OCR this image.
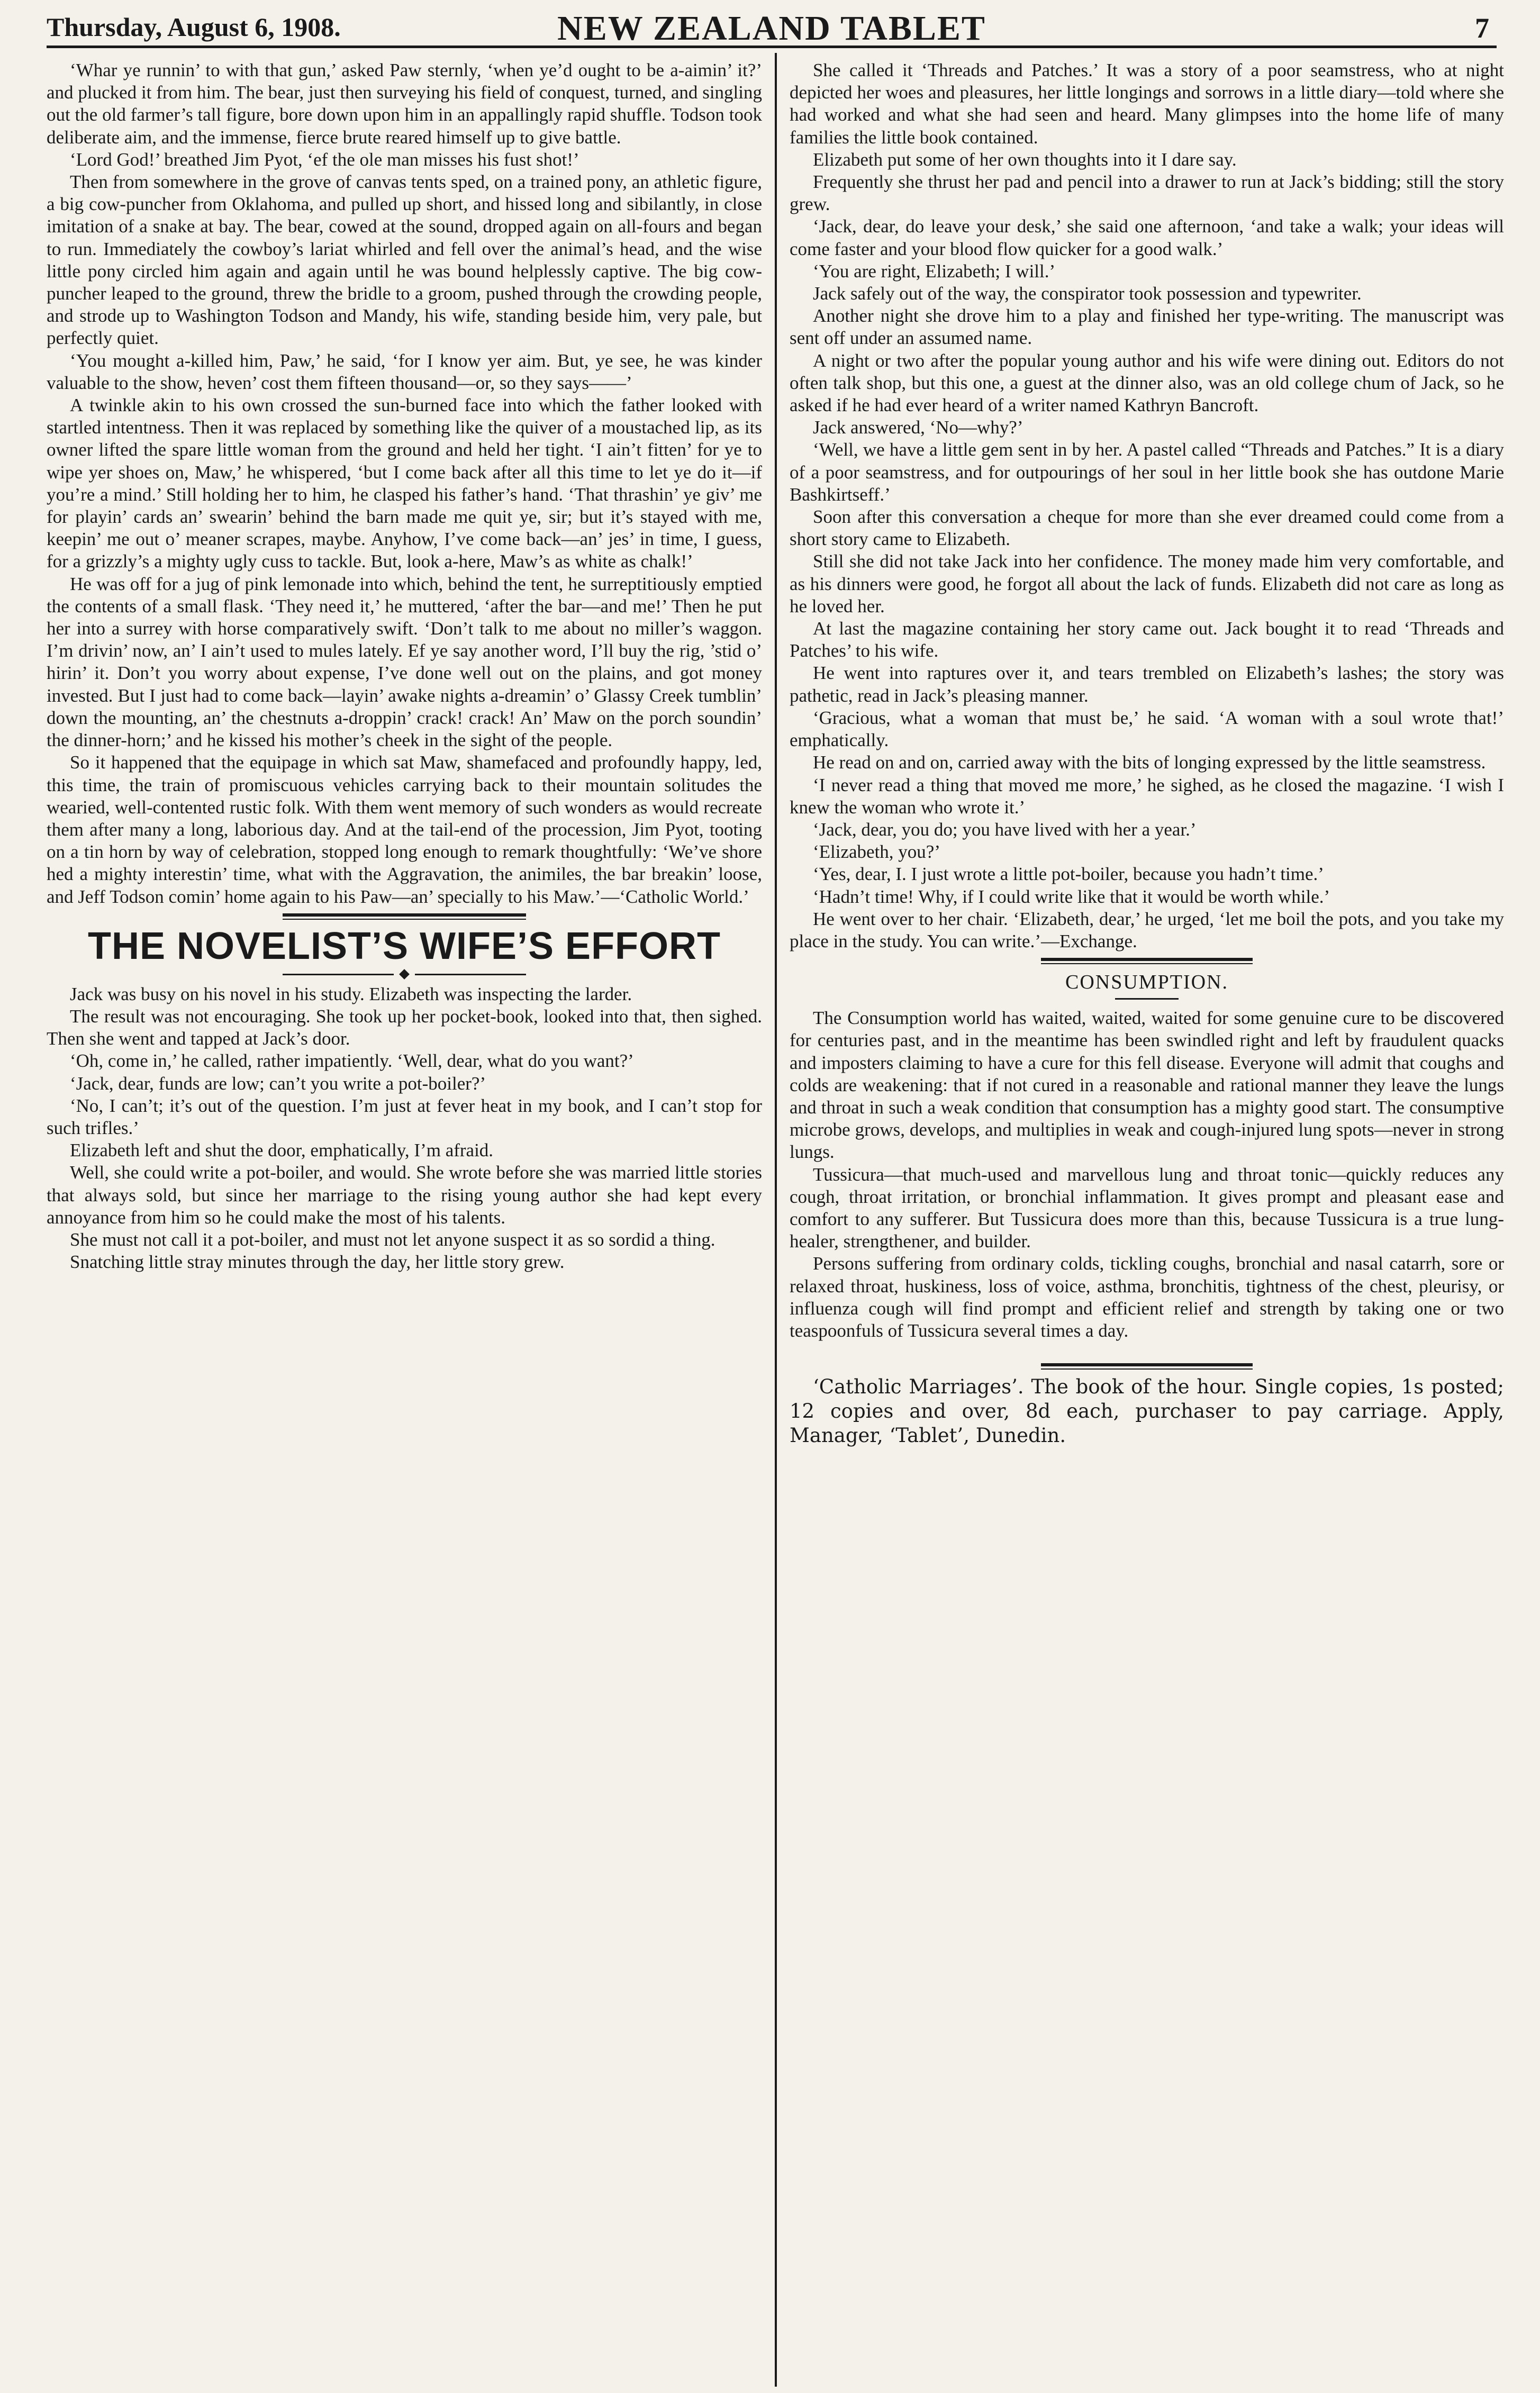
Thursday, August 6, 1908.	NEW ZEALAND TABLET	7

‘Whar ye runnin’ to with that gun,’ asked Paw sternly, ‘when ye’d ought to be a-aimin’ it?’ and plucked it from him. The bear, just then surveying his field of conquest, turned, and singling out the old farmer’s tall figure, bore down upon him in an appallingly rapid shuffle. Todson took deliberate aim, and the immense, fierce brute reared himself up to give battle.

‘Lord God!’ breathed Jim Pyot, ‘ef the ole man misses his fust shot!’

Then from somewhere in the grove of canvas tents sped, on a trained pony, an athletic figure, a big cow-puncher from Oklahoma, and pulled up short, and hissed long and sibilantly, in close imitation of a snake at bay. The bear, cowed at the sound, dropped again on all-fours and began to run. Immediately the cowboy’s lariat whirled and fell over the animal’s head, and the wise little pony circled him again and again until he was bound helplessly captive. The big cow-puncher leaped to the ground, threw the bridle to a groom, pushed through the crowding people, and strode up to Washington Todson and Mandy, his wife, standing beside him, very pale, but perfectly quiet.

‘You mought a-killed him, Paw,’ he said, ‘for I know yer aim. But, ye see, he was kinder valuable to the show, heven’ cost them fifteen thousand—or, so they says——’

A twinkle akin to his own crossed the sun-burned face into which the father looked with startled intentness. Then it was replaced by something like the quiver of a moustached lip, as its owner lifted the spare little woman from the ground and held her tight. ‘I ain’t fitten’ for ye to wipe yer shoes on, Maw,’ he whispered, ‘but I come back after all this time to let ye do it—if you’re a mind.’ Still holding her to him, he clasped his father’s hand. ‘That thrashin’ ye giv’ me for playin’ cards an’ swearin’ behind the barn made me quit ye, sir; but it’s stayed with me, keepin’ me out o’ meaner scrapes, maybe. Anyhow, I’ve come back—an’ jes’ in time, I guess, for a grizzly’s a mighty ugly cuss to tackle. But, look a-here, Maw’s as white as chalk!’

He was off for a jug of pink lemonade into which, behind the tent, he surreptitiously emptied the contents of a small flask. ‘They need it,’ he muttered, ‘after the bar—and me!’ Then he put her into a surrey with horse comparatively swift. ‘Don’t talk to me about no miller’s waggon. I’m drivin’ now, an’ I ain’t used to mules lately. Ef ye say another word, I’ll buy the rig, ’stid o’ hirin’ it. Don’t you worry about expense, I’ve done well out on the plains, and got money invested. But I just had to come back—layin’ awake nights a-dreamin’ o’ Glassy Creek tumblin’ down the mounting, an’ the chestnuts a-droppin’ crack! crack! An’ Maw on the porch soundin’ the dinner-horn;’ and he kissed his mother’s cheek in the sight of the people.

So it happened that the equipage in which sat Maw, shamefaced and profoundly happy, led, this time, the train of promiscuous vehicles carrying back to their mountain solitudes the wearied, well-contented rustic folk. With them went memory of such wonders as would recreate them after many a long, laborious day. And at the tail-end of the procession, Jim Pyot, tooting on a tin horn by way of celebration, stopped long enough to remark thoughtfully: ‘We’ve shore hed a mighty interestin’ time, what with the Aggravation, the animiles, the bar breakin’ loose, and Jeff Todson comin’ home again to his Paw—an’ specially to his Maw.’—‘Catholic World.’

THE NOVELIST’S WIFE’S EFFORT

Jack was busy on his novel in his study. Elizabeth was inspecting the larder.

The result was not encouraging. She took up her pocket-book, looked into that, then sighed. Then she went and tapped at Jack’s door.

‘Oh, come in,’ he called, rather impatiently. ‘Well, dear, what do you want?’

‘Jack, dear, funds are low; can’t you write a pot-boiler?’

‘No, I can’t; it’s out of the question. I’m just at fever heat in my book, and I can’t stop for such trifles.’

Elizabeth left and shut the door, emphatically, I’m afraid.

Well, she could write a pot-boiler, and would. She wrote before she was married little stories that always sold, but since her marriage to the rising young author she had kept every annoyance from him so he could make the most of his talents.

She must not call it a pot-boiler, and must not let anyone suspect it as so sordid a thing.

Snatching little stray minutes through the day, her little story grew.

She called it ‘Threads and Patches.’ It was a story of a poor seamstress, who at night depicted her woes and pleasures, her little longings and sorrows in a little diary—told where she had worked and what she had seen and heard. Many glimpses into the home life of many families the little book contained.

Elizabeth put some of her own thoughts into it I dare say.

Frequently she thrust her pad and pencil into a drawer to run at Jack’s bidding; still the story grew.

‘Jack, dear, do leave your desk,’ she said one afternoon, ‘and take a walk; your ideas will come faster and your blood flow quicker for a good walk.’

‘You are right, Elizabeth; I will.’

Jack safely out of the way, the conspirator took possession and typewriter.

Another night she drove him to a play and finished her type-writing. The manuscript was sent off under an assumed name.

A night or two after the popular young author and his wife were dining out. Editors do not often talk shop, but this one, a guest at the dinner also, was an old college chum of Jack, so he asked if he had ever heard of a writer named Kathryn Bancroft.

Jack answered, ‘No—why?’

‘Well, we have a little gem sent in by her. A pastel called “Threads and Patches.” It is a diary of a poor seamstress, and for outpourings of her soul in her little book she has outdone Marie Bashkirtseff.’

Soon after this conversation a cheque for more than she ever dreamed could come from a short story came to Elizabeth.

Still she did not take Jack into her confidence. The money made him very comfortable, and as his dinners were good, he forgot all about the lack of funds. Elizabeth did not care as long as he loved her.

At last the magazine containing her story came out. Jack bought it to read ‘Threads and Patches’ to his wife.

He went into raptures over it, and tears trembled on Elizabeth’s lashes; the story was pathetic, read in Jack’s pleasing manner.

‘Gracious, what a woman that must be,’ he said. ‘A woman with a soul wrote that!’ emphatically.

He read on and on, carried away with the bits of longing expressed by the little seamstress.

‘I never read a thing that moved me more,’ he sighed, as he closed the magazine. ‘I wish I knew the woman who wrote it.’

‘Jack, dear, you do; you have lived with her a year.’

‘Elizabeth, you?’

‘Yes, dear, I. I just wrote a little pot-boiler, because you hadn’t time.’

‘Hadn’t time! Why, if I could write like that it would be worth while.’

He went over to her chair. ‘Elizabeth, dear,’ he urged, ‘let me boil the pots, and you take my place in the study. You can write.’—Exchange.

CONSUMPTION.

The Consumption world has waited, waited, waited for some genuine cure to be discovered for centuries past, and in the meantime has been swindled right and left by fraudulent quacks and imposters claiming to have a cure for this fell disease. Everyone will admit that coughs and colds are weakening: that if not cured in a reasonable and rational manner they leave the lungs and throat in such a weak condition that consumption has a mighty good start. The consumptive microbe grows, develops, and multiplies in weak and cough-injured lung spots—never in strong lungs.

Tussicura—that much-used and marvellous lung and throat tonic—quickly reduces any cough, throat irritation, or bronchial inflammation. It gives prompt and pleasant ease and comfort to any sufferer. But Tussicura does more than this, because Tussicura is a true lung-healer, strengthener, and builder.

Persons suffering from ordinary colds, tickling coughs, bronchial and nasal catarrh, sore or relaxed throat, huskiness, loss of voice, asthma, bronchitis, tightness of the chest, pleurisy, or influenza cough will find prompt and efficient relief and strength by taking one or two teaspoonfuls of Tussicura several times a day.

‘Catholic Marriages’. The book of the hour. Single copies, 1s posted; 12 copies and over, 8d each, purchaser to pay carriage. Apply, Manager, ‘Tablet’, Dunedin.
